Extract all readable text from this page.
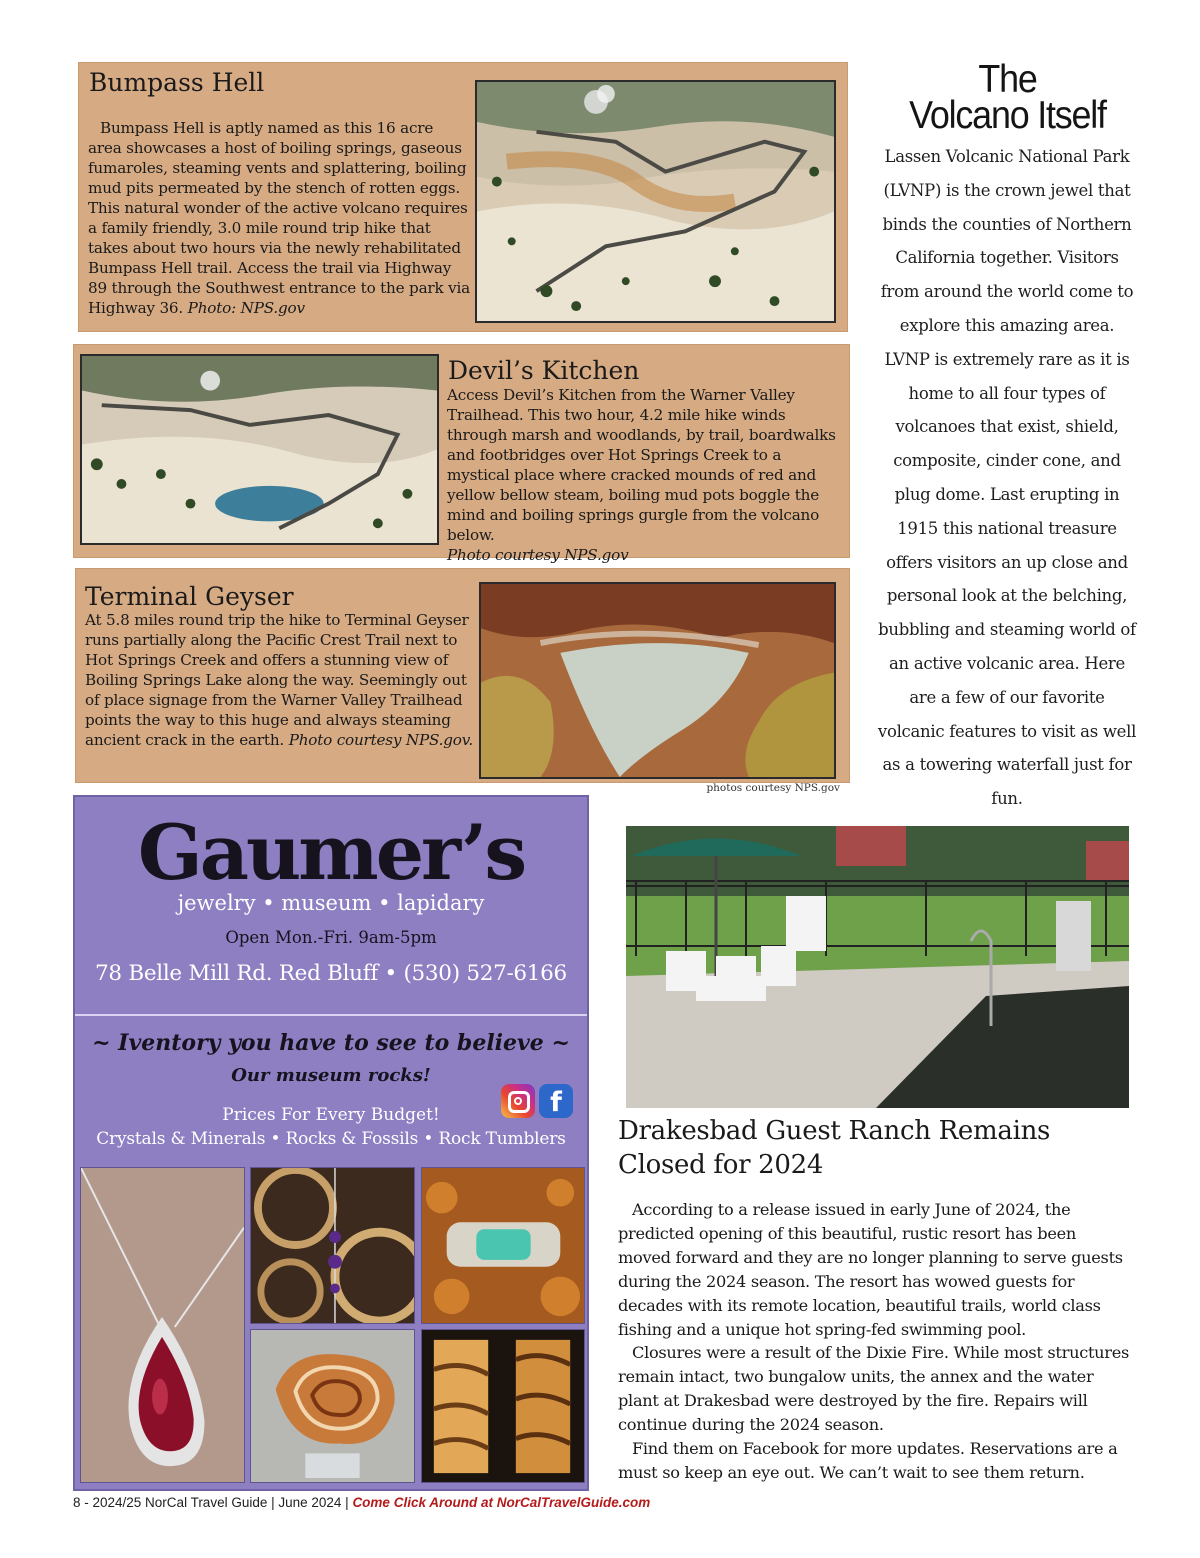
Bumpass Hell

Bumpass Hell is aptly named as this 16 acre area showcases a host of boiling springs, gaseous fumaroles, steaming vents and splattering, boiling mud pits permeated by the stench of rotten eggs. This natural wonder of the active volcano requires a family friendly, 3.0 mile round trip hike that takes about two hours via the newly rehabilitated Bumpass Hell trail. Access the trail via Highway 89 through the Southwest entrance to the park via Highway 36. Photo: NPS.gov

Devil’s Kitchen

Access Devil’s Kitchen from the Warner Valley Trailhead. This two hour, 4.2 mile hike winds through marsh and woodlands, by trail, boardwalks and footbridges over Hot Springs Creek to a mystical place where cracked mounds of red and yellow bellow steam, boiling mud pots boggle the mind and boiling springs gurgle from the volcano below.
Photo courtesy NPS.gov

Terminal Geyser

At 5.8 miles round trip the hike to Terminal Geyser runs partially along the Pacific Crest Trail next to Hot Springs Creek and offers a stunning view of Boiling Springs Lake along the way. Seemingly out of place signage from the Warner Valley Trailhead points the way to this huge and always steaming ancient crack in the earth. Photo courtesy NPS.gov.

photos courtesy NPS.gov
The
Volcano Itself
Lassen Volcanic National Park (LVNP) is the crown jewel that binds the counties of Northern California together. Visitors from around the world come to explore this amazing area. LVNP is extremely rare as it is home to all four types of volcanoes that exist, shield, composite, cinder cone, and plug dome. Last erupting in 1915 this national treasure offers visitors an up close and personal look at the belching, bubbling and steaming world of an active volcanic area. Here are a few of our favorite volcanic features to visit as well as a towering waterfall just for fun.
Gaumer’s
jewelry • museum • lapidary
Open Mon.-Fri. 9am-5pm
78 Belle Mill Rd. Red Bluff • (530) 527-6166
~ Iventory you have to see to believe ~
Our museum rocks!
f
Prices For Every Budget!
Crystals & Minerals • Rocks & Fossils • Rock Tumblers	Drakesbad Guest Ranch Remains Closed for 2024

According to a release issued in early June of 2024, the predicted opening of this beautiful, rustic resort has been moved forward and they are no longer planning to serve guests during the 2024 season. The resort has wowed guests for decades with its remote location, beautiful trails, world class fishing and a unique hot spring-fed swimming pool.

Closures were a result of the Dixie Fire. While most structures remain intact, two bungalow units, the annex and the water plant at Drakesbad were destroyed by the fire. Repairs will continue during the 2024 season.

Find them on Facebook for more updates. Reservations are a must so keep an eye out. We can’t wait to see them return.

8 - 2024/25 NorCal Travel Guide | June 2024 | Come Click Around at NorCalTravelGuide.com
